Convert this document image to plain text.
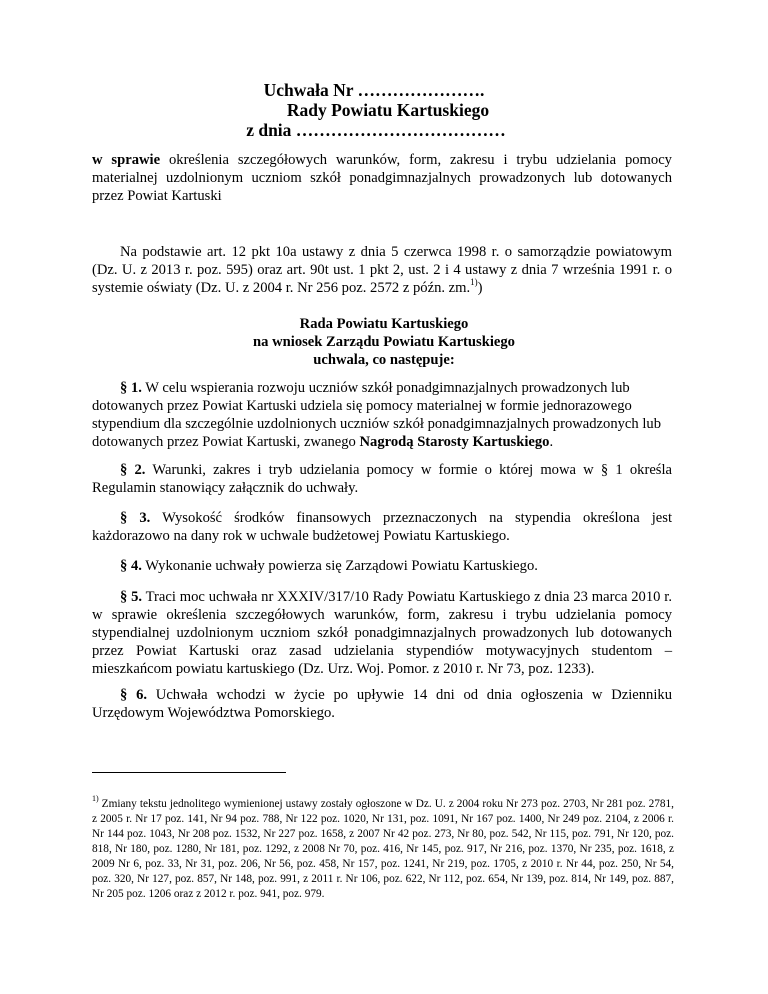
Uchwała Nr ………………….
Rady Powiatu Kartuskiego
z dnia ………………………………
w sprawie określenia szczegółowych warunków, form, zakresu i trybu udzielania pomocy materialnej uzdolnionym uczniom szkół ponadgimnazjalnych prowadzonych lub dotowanych przez Powiat Kartuski
Na podstawie art. 12 pkt 10a ustawy z dnia 5 czerwca 1998 r. o samorządzie powiatowym (Dz. U. z 2013 r. poz. 595) oraz art. 90t ust. 1 pkt 2, ust. 2 i 4 ustawy z dnia 7 września 1991 r. o systemie oświaty (Dz. U. z 2004 r. Nr 256 poz. 2572 z późn. zm.$^{1)}$)
Rada Powiatu Kartuskiego
na wniosek Zarządu Powiatu Kartuskiego
uchwala, co następuje:
§ 1. W celu wspierania rozwoju uczniów szkół ponadgimnazjalnych prowadzonych lub dotowanych przez Powiat Kartuski udziela się pomocy materialnej w formie jednorazowego stypendium dla szczególnie uzdolnionych uczniów szkół ponadgimnazjalnych prowadzonych lub dotowanych przez Powiat Kartuski, zwanego Nagrodą Starosty Kartuskiego.
§ 2. Warunki, zakres i tryb udzielania pomocy w formie o której mowa w § 1 określa Regulamin stanowiący załącznik do uchwały.
§ 3. Wysokość środków finansowych przeznaczonych na stypendia określona jest każdorazowo na dany rok w uchwale budżetowej Powiatu Kartuskiego.
§ 4. Wykonanie uchwały powierza się Zarządowi Powiatu Kartuskiego.
§ 5. Traci moc uchwała nr XXXIV/317/10 Rady Powiatu Kartuskiego z dnia 23 marca 2010 r. w sprawie określenia szczegółowych warunków, form, zakresu i trybu udzielania pomocy stypendialnej uzdolnionym uczniom szkół ponadgimnazjalnych prowadzonych lub dotowanych przez Powiat Kartuski oraz zasad udzielania stypendiów motywacyjnych studentom – mieszkańcom powiatu kartuskiego (Dz. Urz. Woj. Pomor. z 2010 r. Nr 73, poz. 1233).
§ 6. Uchwała wchodzi w życie po upływie 14 dni od dnia ogłoszenia w Dzienniku Urzędowym Województwa Pomorskiego.
$^{1)}$ Zmiany tekstu jednolitego wymienionej ustawy zostały ogłoszone w Dz. U. z 2004 roku Nr 273 poz. 2703, Nr 281 poz. 2781, z 2005 r. Nr 17 poz. 141, Nr 94 poz. 788, Nr 122 poz. 1020, Nr 131, poz. 1091, Nr 167 poz. 1400, Nr 249 poz. 2104, z 2006 r. Nr 144 poz. 1043, Nr 208 poz. 1532, Nr 227 poz. 1658, z 2007 Nr 42 poz. 273, Nr 80, poz. 542, Nr 115, poz. 791, Nr 120, poz. 818, Nr 180, poz. 1280, Nr 181, poz. 1292, z 2008 Nr 70, poz. 416, Nr 145, poz. 917, Nr 216, poz. 1370, Nr 235, poz. 1618, z 2009 Nr 6, poz. 33, Nr 31, poz. 206, Nr 56, poz. 458, Nr 157, poz. 1241, Nr 219, poz. 1705, z 2010 r. Nr 44, poz. 250, Nr 54, poz. 320, Nr 127, poz. 857, Nr 148, poz. 991, z 2011 r. Nr 106, poz. 622, Nr 112, poz. 654, Nr 139, poz. 814, Nr 149, poz. 887, Nr 205 poz. 1206 oraz z 2012 r. poz. 941, poz. 979.
